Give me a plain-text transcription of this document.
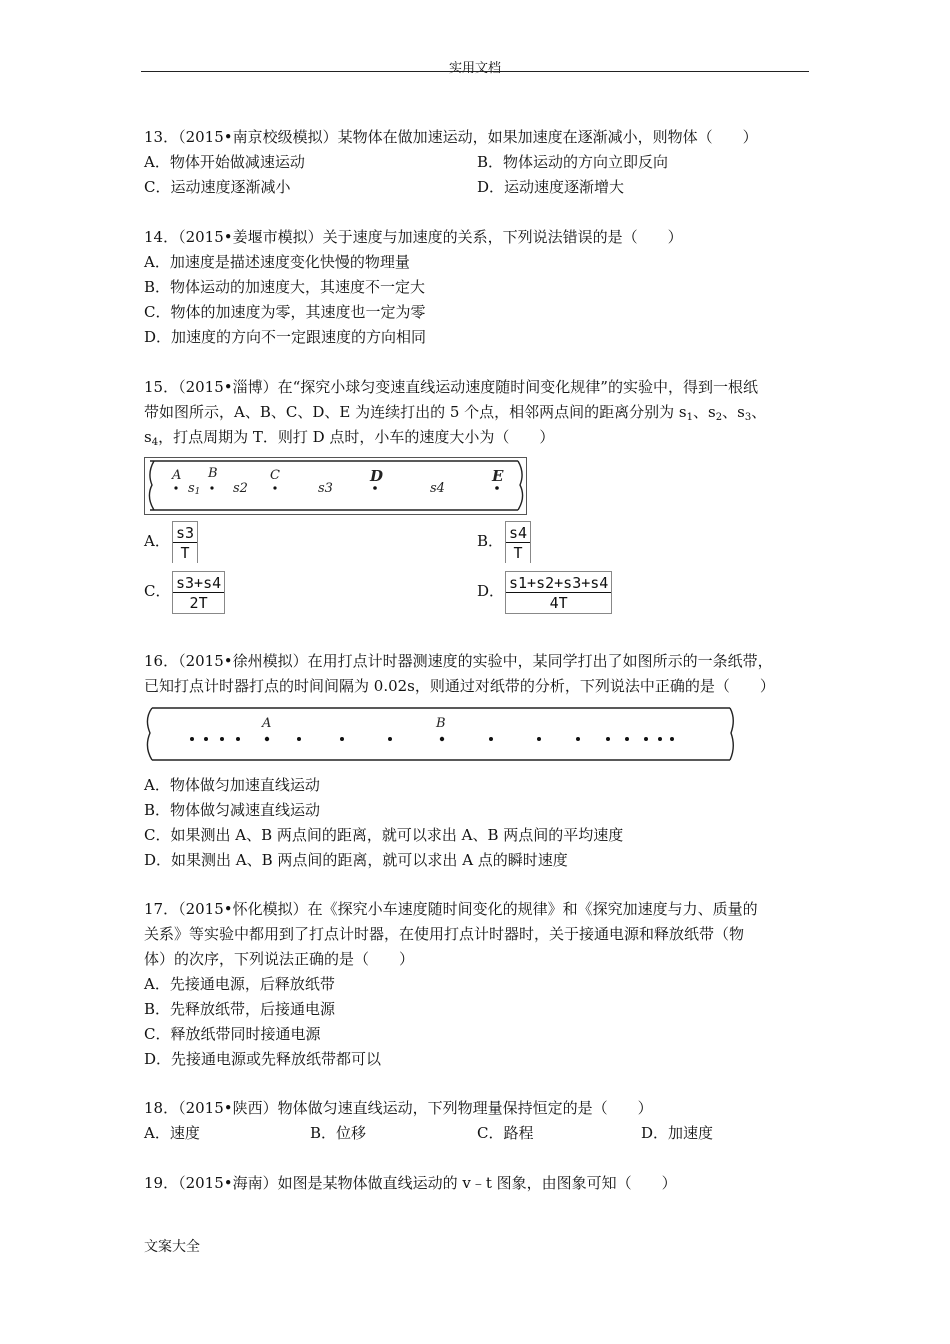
实用文档
13．（2015•南京校级模拟）某物体在做加速运动，如果加速度在逐渐减小，则物体（　　）
A．物体开始做减速运动	B．物体运动的方向立即反向
C．运动速度逐渐减小	D．运动速度逐渐增大
14．（2015•姜堰市模拟）关于速度与加速度的关系，下列说法错误的是（　　）
A．加速度是描述速度变化快慢的物理量
B．物体运动的加速度大，其速度不一定大
C．物体的加速度为零，其速度也一定为零
D．加速度的方向不一定跟速度的方向相同
15．（2015•淄博）在“探究小球匀变速直线运动速度随时间变化规律”的实验中，得到一根纸
带如图所示，A、B、C、D、E 为连续打出的 5 个点，相邻两点间的距离分别为 $s_1$、$s_2$、$s_3$、
$s_4$，打点周期为 T．则打 D 点时，小车的速度大小为（　　）
A B	C	D	E
s1	s2	s3	s4
A． $\frac{s3}{T}$	B． $\frac{s4}{T}$
C． $\frac{s3+s4}{2T}$	D． $\frac{s1+s2+s3+s4}{4T}$
16．（2015•徐州模拟）在用打点计时器测速度的实验中，某同学打出了如图所示的一条纸带，
已知打点计时器打点的时间间隔为 0.02s，则通过对纸带的分析，下列说法中正确的是（　　）
A	B
A．物体做匀加速直线运动
B．物体做匀减速直线运动
C．如果测出 A、B 两点间的距离，就可以求出 A、B 两点间的平均速度
D．如果测出 A、B 两点间的距离，就可以求出 A 点的瞬时速度
17．（2015•怀化模拟）在《探究小车速度随时间变化的规律》和《探究加速度与力、质量的
关系》等实验中都用到了打点计时器，在使用打点计时器时，关于接通电源和释放纸带（物
体）的次序，下列说法正确的是（　　）
A．先接通电源，后释放纸带
B．先释放纸带，后接通电源
C．释放纸带同时接通电源
D．先接通电源或先释放纸带都可以
18．（2015•陕西）物体做匀速直线运动，下列物理量保持恒定的是（　　）
A．速度	B．位移	C．路程	D．加速度
19．（2015•海南）如图是某物体做直线运动的 v﹣t 图象，由图象可知（　　）
文案大全
